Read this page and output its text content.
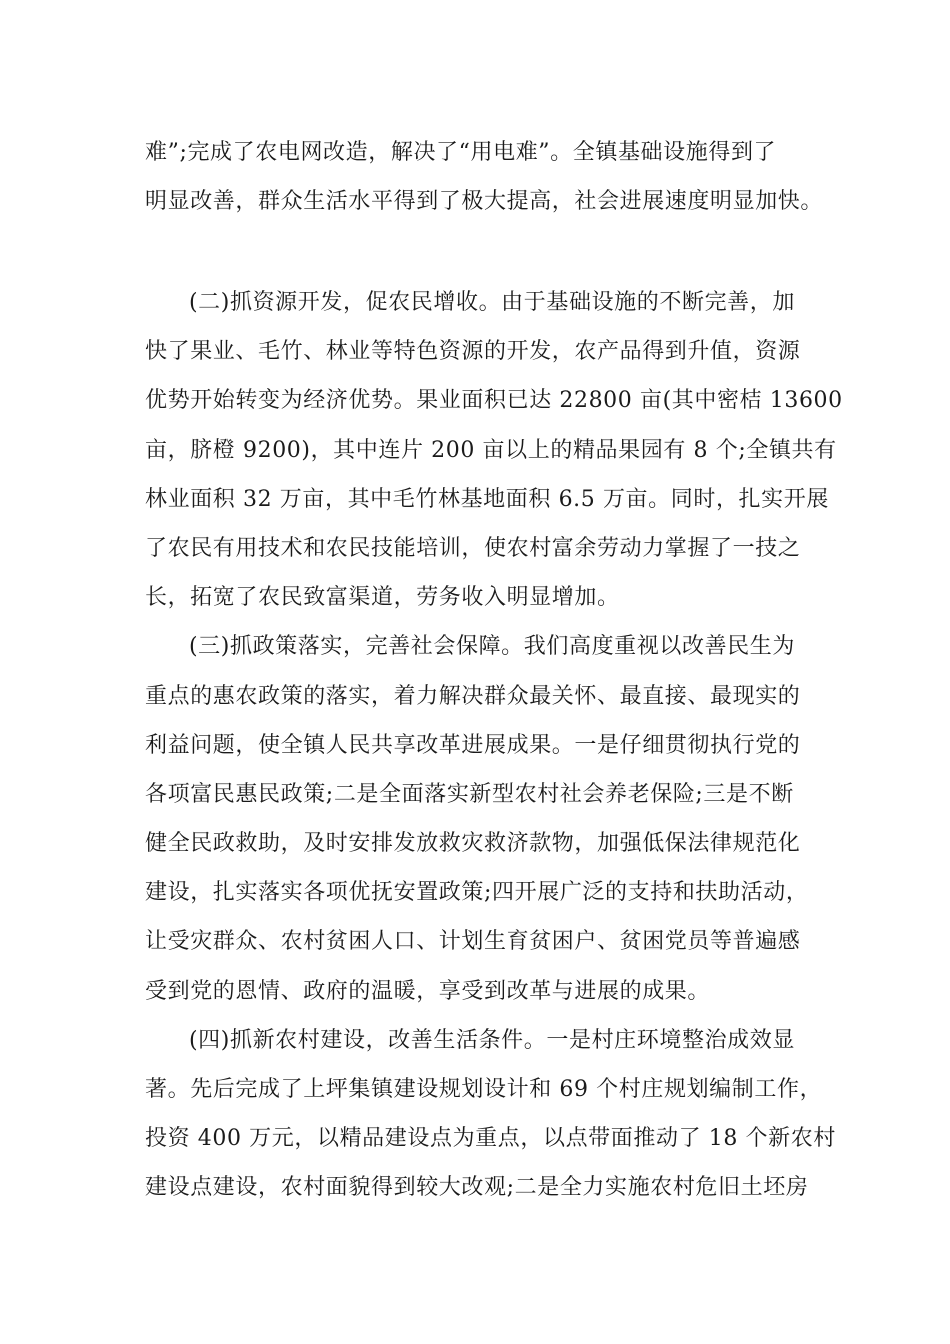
难”;完成了农电网改造，解决了“用电难”。全镇基础设施得到了
明显改善，群众生活水平得到了极大提高，社会进展速度明显加快。
(二)抓资源开发，促农民增收。由于基础设施的不断完善，加
快了果业、毛竹、林业等特色资源的开发，农产品得到升值，资源
优势开始转变为经济优势。果业面积已达 22800 亩(其中密桔 13600
亩，脐橙 9200)，其中连片 200 亩以上的精品果园有 8 个;全镇共有
林业面积 32 万亩，其中毛竹林基地面积 6.5 万亩。同时，扎实开展
了农民有用技术和农民技能培训，使农村富余劳动力掌握了一技之
长，拓宽了农民致富渠道，劳务收入明显增加。
(三)抓政策落实，完善社会保障。我们高度重视以改善民生为
重点的惠农政策的落实，着力解决群众最关怀、最直接、最现实的
利益问题，使全镇人民共享改革进展成果。一是仔细贯彻执行党的
各项富民惠民政策;二是全面落实新型农村社会养老保险;三是不断
健全民政救助，及时安排发放救灾救济款物，加强低保法律规范化
建设，扎实落实各项优抚安置政策;四开展广泛的支持和扶助活动，
让受灾群众、农村贫困人口、计划生育贫困户、贫困党员等普遍感
受到党的恩情、政府的温暖，享受到改革与进展的成果。
(四)抓新农村建设，改善生活条件。一是村庄环境整治成效显
著。先后完成了上坪集镇建设规划设计和 69 个村庄规划编制工作，
投资 400 万元，以精品建设点为重点，以点带面推动了 18 个新农村
建设点建设，农村面貌得到较大改观;二是全力实施农村危旧土坯房
